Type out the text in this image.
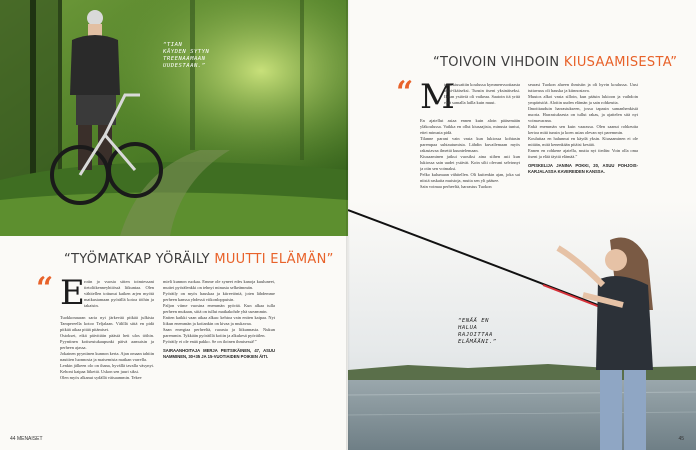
“TIAN
KÄYDEN SYTYN
TREENAAMAAN
UUDESTAAN.”
“TYÖMATKAP YÖRÄILY MUUTTI ELÄMÄN”
“ E rotin jo vuosia sitten toimiessani tietoliikenneyhtiössä liikuntaa. Olen vähitellen tottunut kaiken arjen myötä matkustamaan pyörällä kotoa töihin ja takaisin.

Tuokkonauran saria nyt järkevää pitkää julkista Tampereella kotoo Teljalaan. Välillä sittä en pidä pitkää aikaa pitää pitämiset.

Ostokset, eikä päivittäin päästä heti ulos töihin. Pyyntinen kotiseutukaupunki päivä aamuisin ja perheen ajassa.

Jokainen pyyntinen kunnon kerta. Ajan omaan tahtiin nauttien luonnosta ja maisemista matkan varrella.

Lenkin jälkeen olo on ihana, hyvällä tavalla väsynyt. Kehoni kaipaa liikettä. Uskon sen juuri siksi.

Olen myös alkanut sydällä väisaammin. Tekee

mieli kunnon ruokaa. Emme ole syneet edes kanoja kuuluneet, muttei pyörälenkki on tehnyt minusta selkeämmän.

Pyöräily on myös hauskaa ja kiireetöntä, joten lähdemme perheen kanssa yhdessä viikonloppuisin.

Paljon viime vuosina enemmän pyörää. Kun alkaa tulla perheen mukaan, siitä on tullut matkakohde yhä useammin.

Eniten kaikki vaan aikaa alkaa: kehtoa vain eniten kaipaa. Nyt liikun enemmän ja kotiankin on kivaa ja mukavaa.

Saan energiaa perheeltä, ruoasta ja liikunnasta. Nukun paremmin. Tykkään pyöräillä kotiin ja alkukesä pyöräilen.

Pyöräily ei ole enää pakko. Se on iloinen ihmisessä!”

SAIRAANHOITAJA MERJA PEITSIKÄINEN, 47, ASUU NAMMINEN, 30+35 JA 15-VUOTIAIDEN POIKIEN ÄITI.
44 MENAISET
“ENÄÄ EN
HALUA
RAJOITTAA
ELÄMÄÄNI.”
“TOIVOIN VIHDOIN KIUSAAMISESTA”
“ M

inua kiusattiin koulussa kymmenvuotiaasta teini-ikäiseksi. Tunsin itseni yksinäiseksi. Ilman ystäviä oli vaikeaa. Saatoin itä yritä elää samalla lailla kuin muut.

En ajatellut asiaa ennen kuin aloin pääsemään yläkoulussa. Vaikka en ollut kiusaajista, minusta tuntui, ettei minusta pidä.

Tilanne parani vain vasta kun lukiossa kohtasin parempaa suhtautumista. Lähdin kuvailemaan myös rakastavaa ilmettä kuuntelemaan.

Kiusaaminen jatkui vuosiksi aina siihen asti kun lukiossa sain uudet ystävät. Koin silti olevani selvinnyt ja otin sen voimaksi.

Pelko kulumaan vähitellen. Oli kuitenkin ajan, joka sai niistä raskaita muistoja, mutta sen yli pääsee.

Sain voimaa perheeltä, harrastus Tuokon

seurasi Tuokon alueen ihmisiin ja oli hyvin koulussa. Uusi tuttavuus oli hauska ja kiinnostava.

Muutos alkoi vasta silloin, kun pääsin lukioon ja vaihdoin ympäristöä. Aloitin uuden elämän ja sain rohkeutta.

Ilmoittauduin harrastukseen, jossa tapasin samanhenkisiä nuoria. Harrastuksesta on tullut rakas, ja ajattelen sitä nyt voimavarana.

Enkä enemmän sen kuin vaarassa. Olen saanut rohkeutta kertoa mitä tunsin ja koen asian olevan nyt paremmin.

Kouluttaa en halunnut en käydä yksin. Kiusaaminen ei ole mitään, mitä kenenkään pitäisi kestää.

Ennen en rohkene ajatella, mutta nyt tiedän: Voin olla oma itseni ja elää täyttä elämää.”

OPISKELIJA JANINA POKKI, 20, ASUU POHJOIS-KARJALASSA KAVEREIDEN KANSSA.
45
